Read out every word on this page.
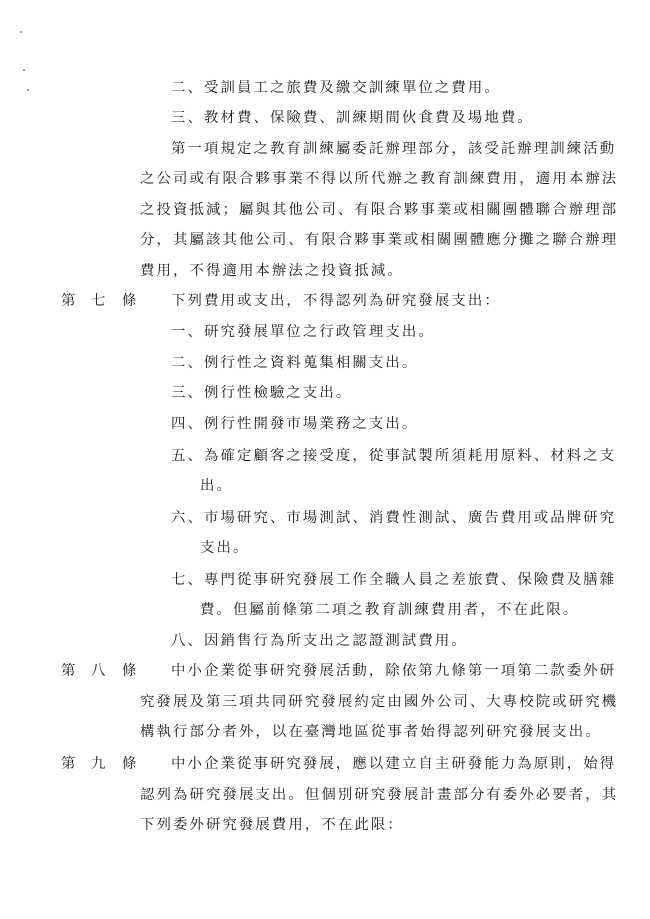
二、受訓員工之旅費及繳交訓練單位之費用。
三、教材費、保險費、訓練期間伙食費及場地費。
第一項規定之教育訓練屬委託辦理部分，該受託辦理訓練活動
之公司或有限合夥事業不得以所代辦之教育訓練費用，適用本辦法
之投資抵減；屬與其他公司、有限合夥事業或相關團體聯合辦理部
分，其屬該其他公司、有限合夥事業或相關團體應分攤之聯合辦理
費用，不得適用本辦法之投資抵減。
第 七 條 下列費用或支出，不得認列為研究發展支出：
一、研究發展單位之行政管理支出。
二、例行性之資料蒐集相關支出。
三、例行性檢驗之支出。
四、例行性開發市場業務之支出。
五、為確定顧客之接受度，從事試製所須耗用原料、材料之支
出。
六、市場研究、市場測試、消費性測試、廣告費用或品牌研究
支出。
七、專門從事研究發展工作全職人員之差旅費、保險費及膳雜
費。但屬前條第二項之教育訓練費用者，不在此限。
八、因銷售行為所支出之認證測試費用。
第 八 條 中小企業從事研究發展活動，除依第九條第一項第二款委外研
究發展及第三項共同研究發展約定由國外公司、大專校院或研究機
構執行部分者外，以在臺灣地區從事者始得認列研究發展支出。
第 九 條 中小企業從事研究發展，應以建立自主研發能力為原則，始得
認列為研究發展支出。但個別研究發展計畫部分有委外必要者，其
下列委外研究發展費用，不在此限：
